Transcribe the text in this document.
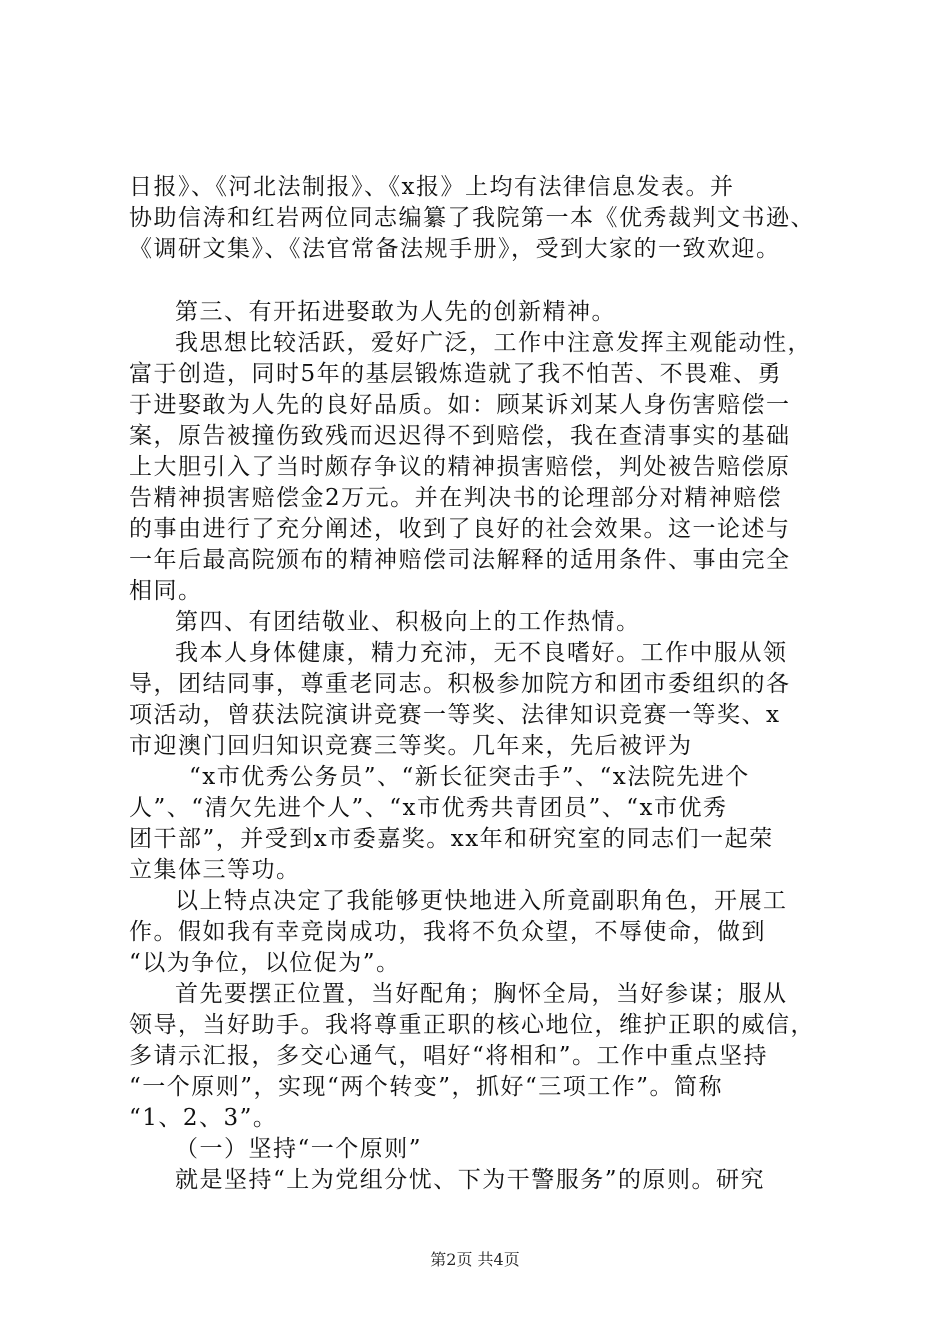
日报》、《河北法制报》、《x报》上均有法律信息发表。并
协助信涛和红岩两位同志编纂了我院第一本《优秀裁判文书逊、
《调研文集》、《法官常备法规手册》，受到大家的一致欢迎。
第三、有开拓进娶敢为人先的创新精神。
我思想比较活跃，爱好广泛，工作中注意发挥主观能动性，
富于创造，同时5年的基层锻炼造就了我不怕苦、不畏难、勇
于进娶敢为人先的良好品质。如：顾某诉刘某人身伤害赔偿一
案，原告被撞伤致残而迟迟得不到赔偿，我在查清事实的基础
上大胆引入了当时颇存争议的精神损害赔偿，判处被告赔偿原
告精神损害赔偿金2万元。并在判决书的论理部分对精神赔偿
的事由进行了充分阐述，收到了良好的社会效果。这一论述与
一年后最高院颁布的精神赔偿司法解释的适用条件、事由完全
相同。
第四、有团结敬业、积极向上的工作热情。
我本人身体健康，精力充沛，无不良嗜好。工作中服从领
导，团结同事，尊重老同志。积极参加院方和团市委组织的各
项活动，曾获法院演讲竞赛一等奖、法律知识竞赛一等奖、x
市迎澳门回归知识竞赛三等奖。几年来，先后被评为
“x市优秀公务员”、“新长征突击手”、“x法院先进个
人”、“清欠先进个人”、“x市优秀共青团员”、“x市优秀
团干部”，并受到x市委嘉奖。xx年和研究室的同志们一起荣
立集体三等功。
以上特点决定了我能够更快地进入所竟副职角色，开展工
作。假如我有幸竞岗成功，我将不负众望，不辱使命，做到
“以为争位，以位促为”。
首先要摆正位置，当好配角；胸怀全局，当好参谋；服从
领导，当好助手。我将尊重正职的核心地位，维护正职的威信，
多请示汇报，多交心通气，唱好“将相和”。工作中重点坚持
“一个原则”，实现“两个转变”，抓好“三项工作”。简称
“1、2、3”。
（一）坚持“一个原则”
就是坚持“上为党组分忧、下为干警服务”的原则。研究
第2页 共4页
